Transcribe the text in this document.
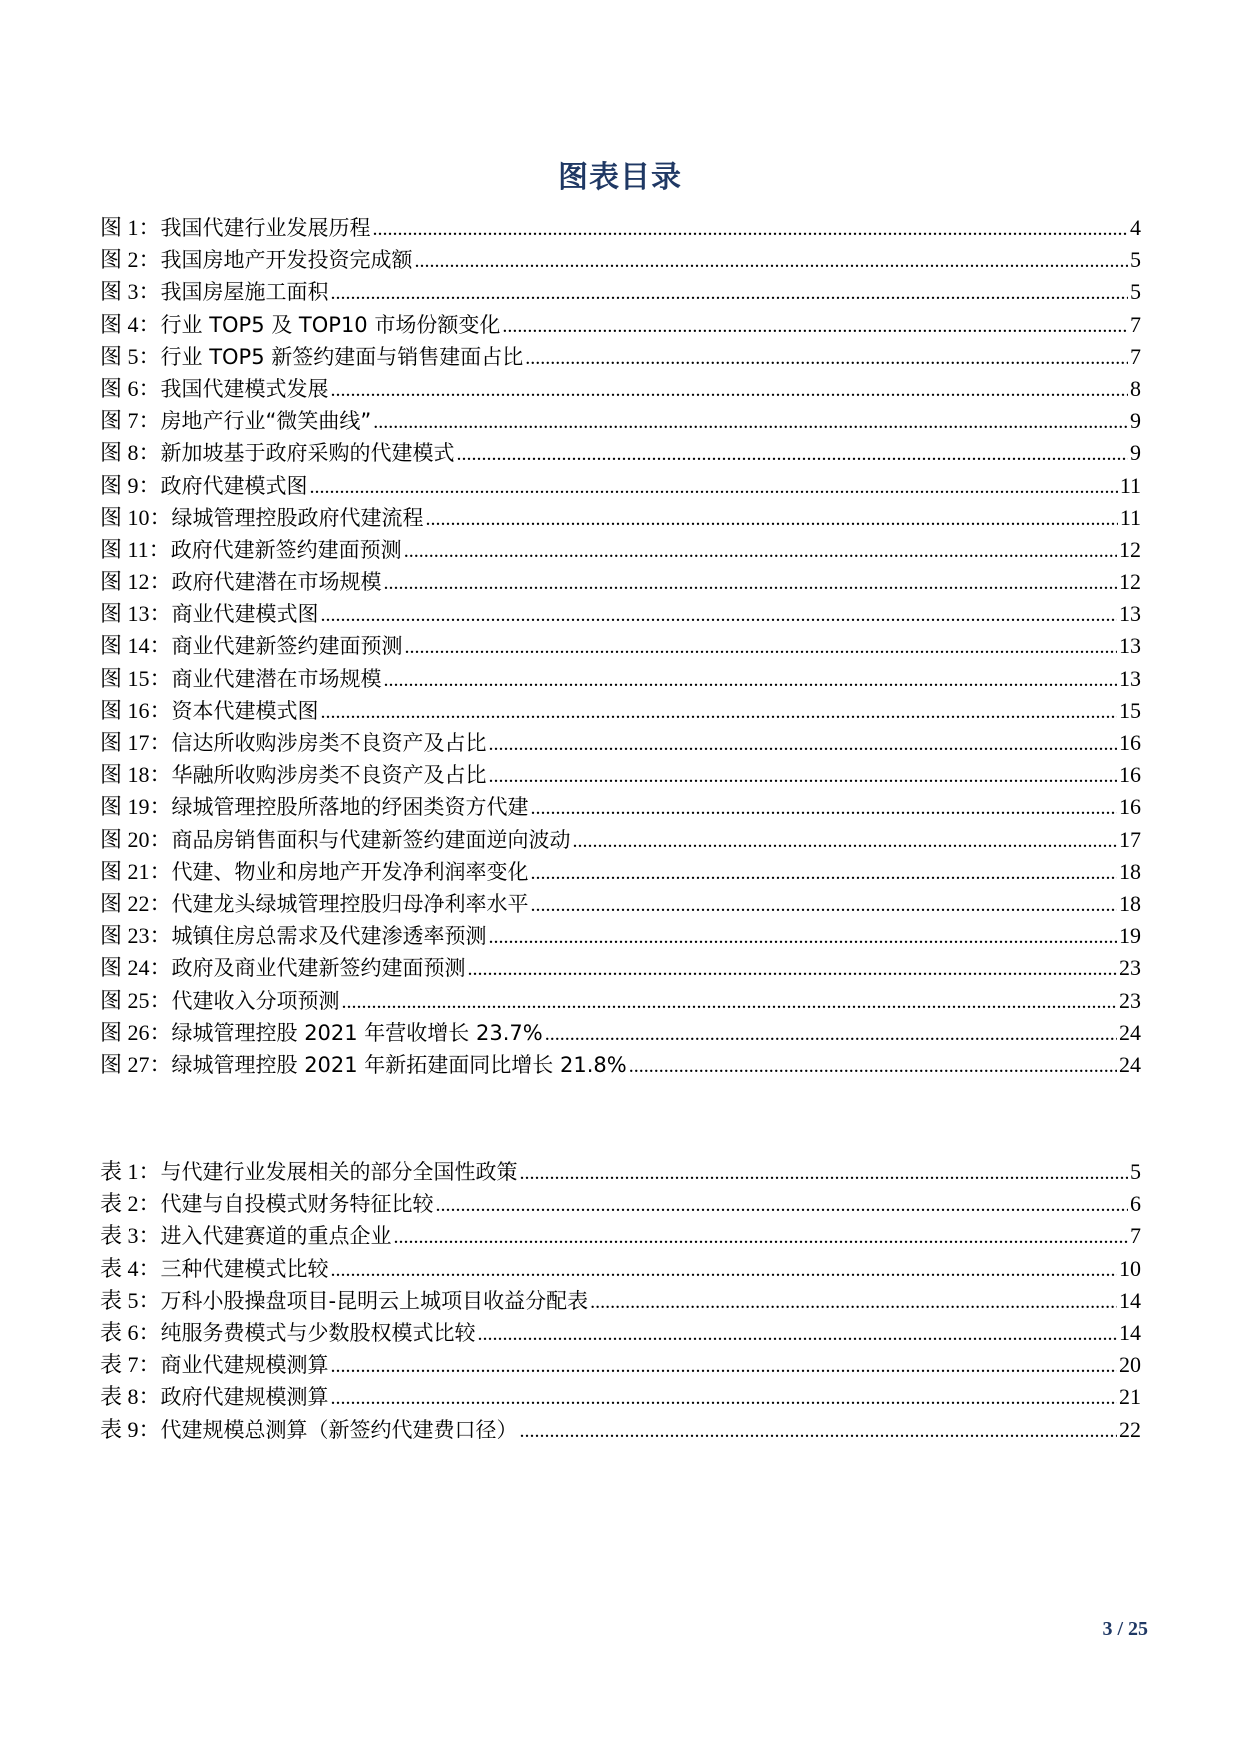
图表目录
图 1： 我国代建行业发展历程 .....	4
图 2： 我国房地产开发投资完成额 .....	5
图 3： 我国房屋施工面积 .....	5
图 4： 行业 TOP5 及 TOP10 市场份额变化 .....	7
图 5： 行业 TOP5 新签约建面与销售建面占比 .....	7
图 6： 我国代建模式发展 .....	8
图 7： 房地产行业“微笑曲线” .....	9
图 8： 新加坡基于政府采购的代建模式 .....	9
图 9： 政府代建模式图 .....	11
图 10： 绿城管理控股政府代建流程 .....	11
图 11： 政府代建新签约建面预测 .....	12
图 12： 政府代建潜在市场规模 .....	12
图 13： 商业代建模式图 .....	13
图 14： 商业代建新签约建面预测 .....	13
图 15： 商业代建潜在市场规模 .....	13
图 16： 资本代建模式图 .....	15
图 17： 信达所收购涉房类不良资产及占比 .....	16
图 18： 华融所收购涉房类不良资产及占比 .....	16
图 19： 绿城管理控股所落地的纾困类资方代建 .....	16
图 20： 商品房销售面积与代建新签约建面逆向波动 .....	17
图 21： 代建、物业和房地产开发净利润率变化 .....	18
图 22： 代建龙头绿城管理控股归母净利率水平 .....	18
图 23： 城镇住房总需求及代建渗透率预测 .....	19
图 24： 政府及商业代建新签约建面预测 .....	23
图 25： 代建收入分项预测 .....	23
图 26： 绿城管理控股 2021 年营收增长 23.7% .....	24
图 27： 绿城管理控股 2021 年新拓建面同比增长 21.8% .....	24
表 1： 与代建行业发展相关的部分全国性政策 .....	5
表 2： 代建与自投模式财务特征比较 .....	6
表 3： 进入代建赛道的重点企业 .....	7
表 4： 三种代建模式比较 .....	10
表 5： 万科小股操盘项目-昆明云上城项目收益分配表 .....	14
表 6： 纯服务费模式与少数股权模式比较 .....	14
表 7： 商业代建规模测算 .....	20
表 8： 政府代建规模测算 .....	21
表 9： 代建规模总测算（新签约代建费口径） .....	22
3 / 25
